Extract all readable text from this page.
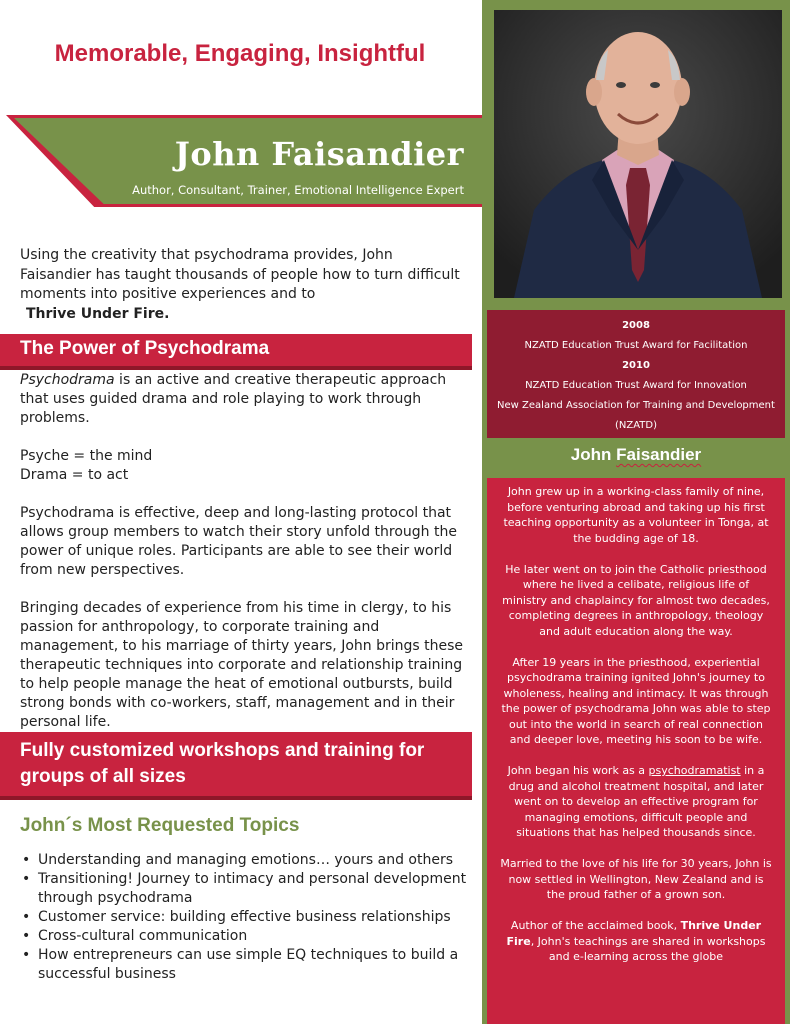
Memorable, Engaging, Insightful
John Faisandier
Author, Consultant, Trainer, Emotional Intelligence Expert
Using the creativity that psychodrama provides, John Faisandier has taught thousands of people how to turn difficult moments into positive experiences and to
Thrive Under Fire.
The Power of Psychodrama
Psychodrama is an active and creative therapeutic approach that uses guided drama and role playing to work through problems.
Psyche = the mind
Drama = to act
Psychodrama is effective, deep and long-lasting protocol that allows group members to watch their story unfold through the power of unique roles. Participants are able to see their world from new perspectives.
Bringing decades of experience from his time in clergy, to his passion for anthropology, to corporate training and management, to his marriage of thirty years, John brings these therapeutic techniques into corporate and relationship training to help people manage the heat of emotional outbursts, build strong bonds with co-workers, staff, management and in their personal life.
Fully customized workshops and training for groups of all sizes
John´s Most Requested Topics
• Understanding and managing emotions… yours and others
• Transitioning! Journey to intimacy and personal development through psychodrama
• Customer service: building effective business relationships
• Cross-cultural communication
• How entrepreneurs can use simple EQ techniques to build a successful business
2008
NZATD Education Trust Award for Facilitation
2010
NZATD Education Trust Award for Innovation
New Zealand Association for Training and Development (NZATD)
John Faisandier

John grew up in a working-class family of nine, before venturing abroad and taking up his first teaching opportunity as a volunteer in Tonga, at the budding age of 18.

He later went on to join the Catholic priesthood where he lived a celibate, religious life of ministry and chaplaincy for almost two decades, completing degrees in anthropology, theology and adult education along the way.

After 19 years in the priesthood, experiential psychodrama training ignited John's journey to wholeness, healing and intimacy. It was through the power of psychodrama John was able to step out into the world in search of real connection and deeper love, meeting his soon to be wife.

John began his work as a psychodramatist in a drug and alcohol treatment hospital, and later went on to develop an effective program for managing emotions, difficult people and situations that has helped thousands since.

Married to the love of his life for 30 years, John is now settled in Wellington, New Zealand and is the proud father of a grown son.

Author of the acclaimed book, Thrive Under Fire, John's teachings are shared in workshops and e-learning across the globe
